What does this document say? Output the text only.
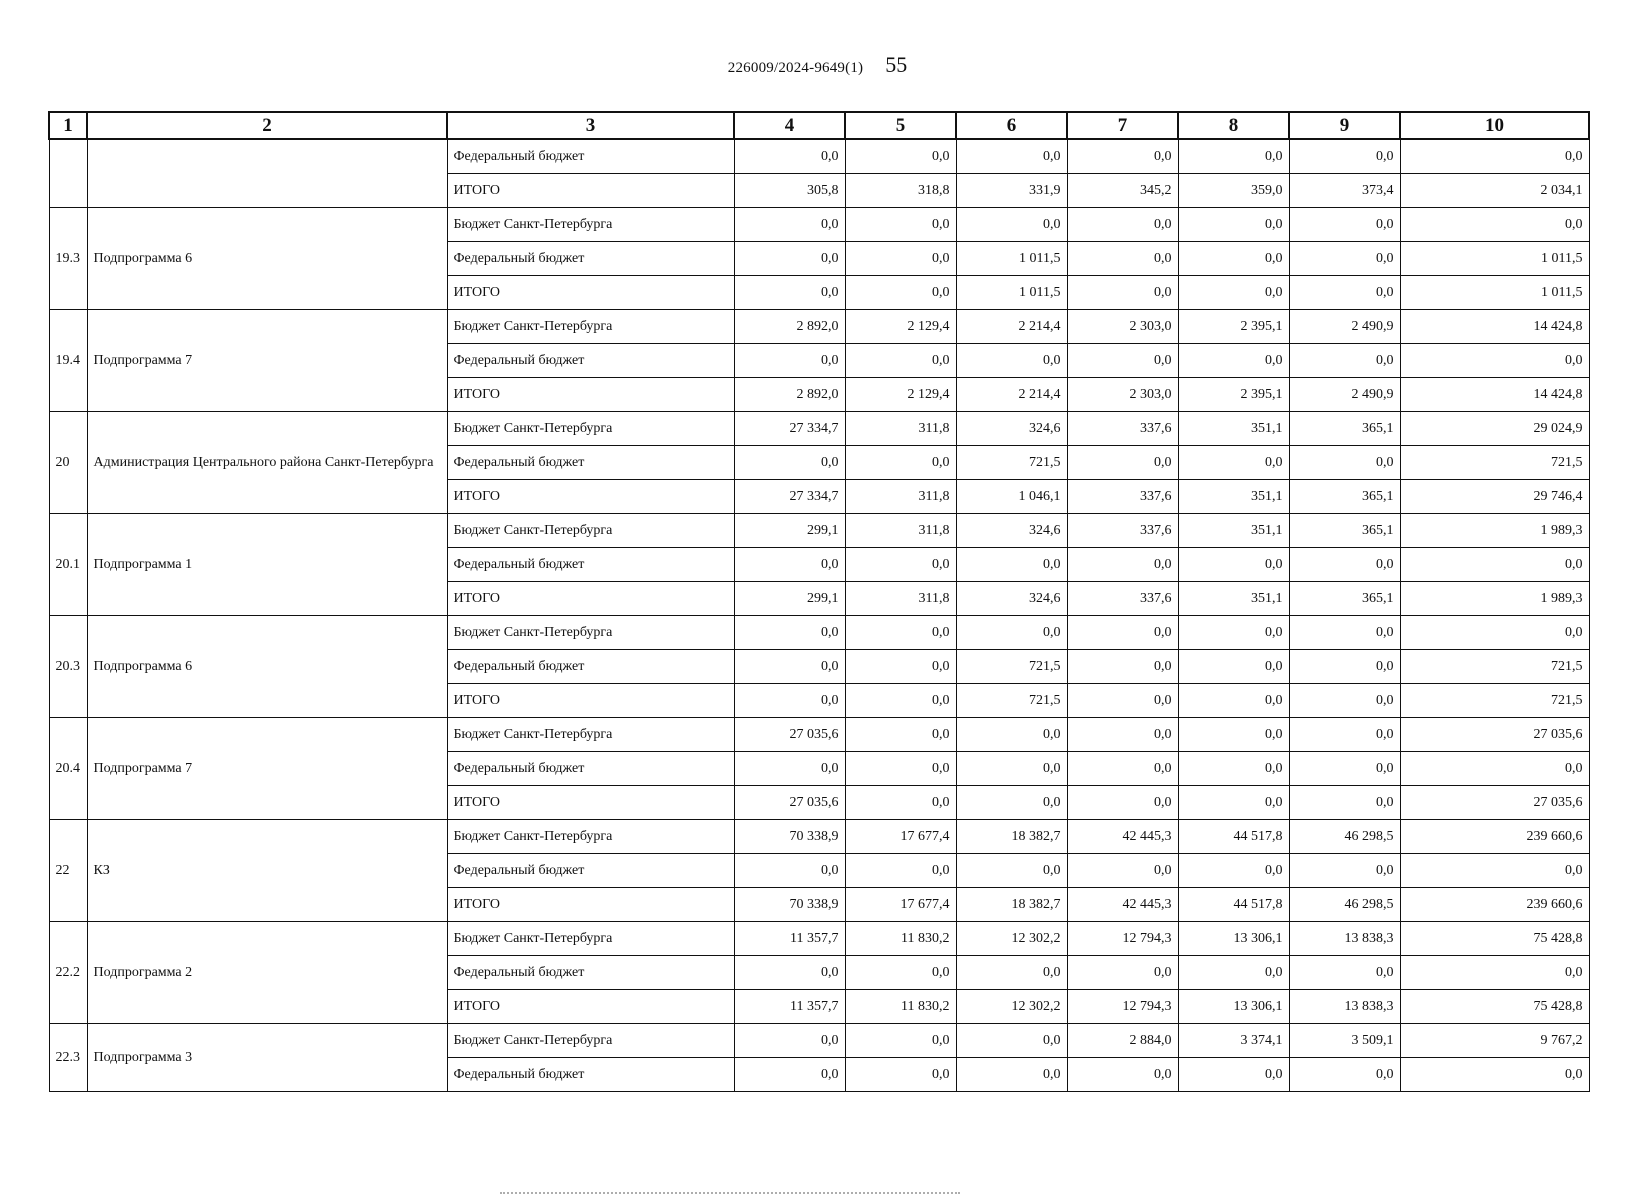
226009/2024-9649(1) 55
1	2	3	4	5	6	7	8	9	10
		Федеральный бюджет	0,0	0,0	0,0	0,0	0,0	0,0	0,0
		ИТОГО	305,8	318,8	331,9	345,2	359,0	373,4	2 034,1
19.3	Подпрограмма 6	Бюджет Санкт-Петербурга	0,0	0,0	0,0	0,0	0,0	0,0	0,0
		Федеральный бюджет	0,0	0,0	1 011,5	0,0	0,0	0,0	1 011,5
		ИТОГО	0,0	0,0	1 011,5	0,0	0,0	0,0	1 011,5
19.4	Подпрограмма 7	Бюджет Санкт-Петербурга	2 892,0	2 129,4	2 214,4	2 303,0	2 395,1	2 490,9	14 424,8
		Федеральный бюджет	0,0	0,0	0,0	0,0	0,0	0,0	0,0
		ИТОГО	2 892,0	2 129,4	2 214,4	2 303,0	2 395,1	2 490,9	14 424,8
20	Администрация Центрального района Санкт-Петербурга	Бюджет Санкт-Петербурга	27 334,7	311,8	324,6	337,6	351,1	365,1	29 024,9
		Федеральный бюджет	0,0	0,0	721,5	0,0	0,0	0,0	721,5
		ИТОГО	27 334,7	311,8	1 046,1	337,6	351,1	365,1	29 746,4
20.1	Подпрограмма 1	Бюджет Санкт-Петербурга	299,1	311,8	324,6	337,6	351,1	365,1	1 989,3
		Федеральный бюджет	0,0	0,0	0,0	0,0	0,0	0,0	0,0
		ИТОГО	299,1	311,8	324,6	337,6	351,1	365,1	1 989,3
20.3	Подпрограмма 6	Бюджет Санкт-Петербурга	0,0	0,0	0,0	0,0	0,0	0,0	0,0
		Федеральный бюджет	0,0	0,0	721,5	0,0	0,0	0,0	721,5
		ИТОГО	0,0	0,0	721,5	0,0	0,0	0,0	721,5
20.4	Подпрограмма 7	Бюджет Санкт-Петербурга	27 035,6	0,0	0,0	0,0	0,0	0,0	27 035,6
		Федеральный бюджет	0,0	0,0	0,0	0,0	0,0	0,0	0,0
		ИТОГО	27 035,6	0,0	0,0	0,0	0,0	0,0	27 035,6
22	КЗ	Бюджет Санкт-Петербурга	70 338,9	17 677,4	18 382,7	42 445,3	44 517,8	46 298,5	239 660,6
		Федеральный бюджет	0,0	0,0	0,0	0,0	0,0	0,0	0,0
		ИТОГО	70 338,9	17 677,4	18 382,7	42 445,3	44 517,8	46 298,5	239 660,6
22.2	Подпрограмма 2	Бюджет Санкт-Петербурга	11 357,7	11 830,2	12 302,2	12 794,3	13 306,1	13 838,3	75 428,8
		Федеральный бюджет	0,0	0,0	0,0	0,0	0,0	0,0	0,0
		ИТОГО	11 357,7	11 830,2	12 302,2	12 794,3	13 306,1	13 838,3	75 428,8
22.3	Подпрограмма 3	Бюджет Санкт-Петербурга	0,0	0,0	0,0	2 884,0	3 374,1	3 509,1	9 767,2
		Федеральный бюджет	0,0	0,0	0,0	0,0	0,0	0,0	0,0
